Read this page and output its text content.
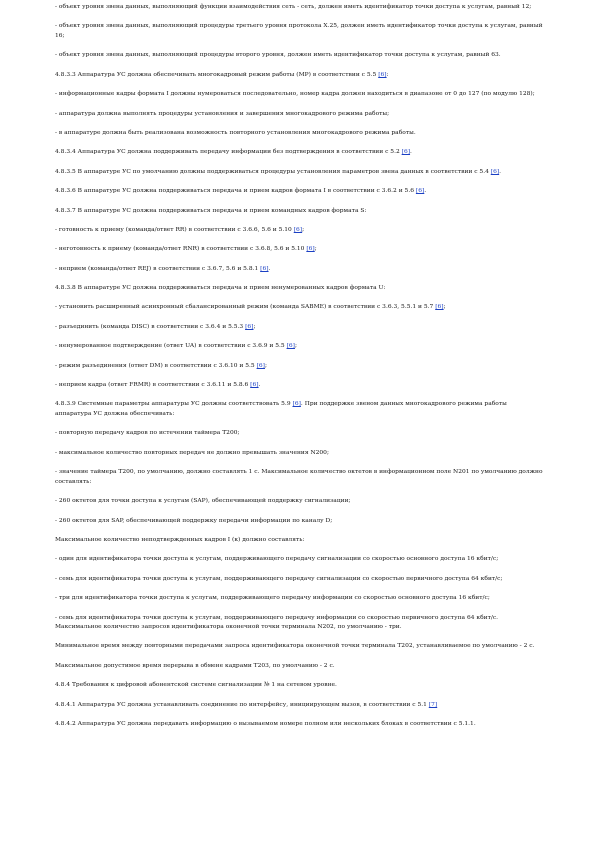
- объект уровня звена данных, выполняющий функции взаимодействия сеть - сеть, должен иметь идентификатор точки доступа к услугам, равный 12;

- объект уровня звена данных, выполняющий процедуры третьего уровня протокола Х.25, должен иметь идентификатор точки доступа к услугам, равный 16;

- объект уровня звена данных, выполняющий процедуры второго уровня, должен иметь идентификатор точки доступа к услугам, равный 63.

4.8.3.3 Аппаратура УС должна обеспечивать многокадровый режим работы (МР) в соответствии с 5.5 [6]:

- информационные кадры формата I должны нумероваться последовательно, номер кадра должен находиться в диапазоне от 0 до 127 (по модулю 128);

- аппаратура должна выполнять процедуры установления и завершения многокадрового режима работы;

- в аппаратуре должна быть реализована возможность повторного установления многокадрового режима работы.

4.8.3.4 Аппаратура УС должна поддерживать передачу информации без подтверждения в соответствии с 5.2 [6].

4.8.3.5 В аппаратуре УС по умолчанию должны поддерживаться процедуры установления параметров звена данных в соответствии с 5.4 [6].

4.8.3.6 В аппаратуре УС должна поддерживаться передача и прием кадров формата I в соответствии с 3.6.2 и 5.6 [6].

4.8.3.7 В аппаратуре УС должна поддерживаться передача и прием командных кадров формата S:

- готовность к приему (команда/ответ RR) в соответствии с 3.6.6, 5.6 и 5.10 [6];

- неготовность к приему (команда/ответ RNR) в соответствии с 3.6.8, 5.6 и 5.10 [6];

- неприем (команда/ответ REJ) в соответствии с 3.6.7, 5.6 и 5.8.1 [6].

4.8.3.8 В аппаратуре УС должна поддерживаться передача и прием ненумерованных кадров формата U:

- установить расширенный асинхронный сбалансированный режим (команда SABME) в соответствии с 3.6.3, 5.5.1 и 5.7 [6];

- разъединить (команда DISC) в соответствии с 3.6.4 и 5.5.3 [6];

- ненумерованное подтверждение (ответ UA) в соответствии с 3.6.9 и 5.5 [6];

- режим разъединения (ответ DM) в соответствии с 3.6.10 и 5.5 [6];

- неприем кадра (ответ FRMR) в соответствии с 3.6.11 и 5.8.6 [6].

4.8.3.9 Системные параметры аппаратуры УС должны соответствовать 5.9 [6]. При поддержке звеном данных многокадрового режима работы аппаратура УС должна обеспечивать:

- повторную передачу кадров по истечении таймера Т200;

- максимальное количество повторных передач не должно превышать значения N200;

- значение таймера Т200, по умолчанию, должно составлять 1 с. Максимальное количество октетов в информационном поле N201 по умолчанию должно составлять:

- 260 октетов для точки доступа к услугам (SAP), обеспечивающей поддержку сигнализации;

- 260 октетов для SAP, обеспечивающей поддержку передачи информации по каналу D;

Максимальное количество неподтвержденных кадров I (к) должно составлять:

- один для идентификатора точки доступа к услугам, поддерживающего передачу сигнализации со скоростью основного доступа 16 кбит/с;

- семь для идентификатора точки доступа к услугам, поддерживающего передачу сигнализации со скоростью первичного доступа 64 кбит/с;

- три для идентификатора точки доступа к услугам, поддерживающего передачу информации со скоростью основного доступа 16 кбит/с;

- семь для идентификатора точки доступа к услугам, поддерживающего передачу информации со скоростью первичного доступа 64 кбит/с. Максимальное количество запросов идентификатора оконечной точки терминала N202, по умолчанию - три.

Минимальное время между повторными передачами запроса идентификатора оконечной точки терминала Т202, устанавливаемое по умолчанию - 2 с.

Максимальное допустимое время перерыва в обмене кадрами Т203, по умолчанию - 2 с.

4.8.4 Требования к цифровой абонентской системе сигнализации № 1 на сетевом уровне.

4.8.4.1 Аппаратура УС должна устанавливать соединение по интерфейсу, инициирующем вызов, в соответствии с 5.1 [7]

4.8.4.2 Аппаратура УС должна передавать информацию о вызываемом номере полном или нескольких блоках в соответствии с 5.1.1.
